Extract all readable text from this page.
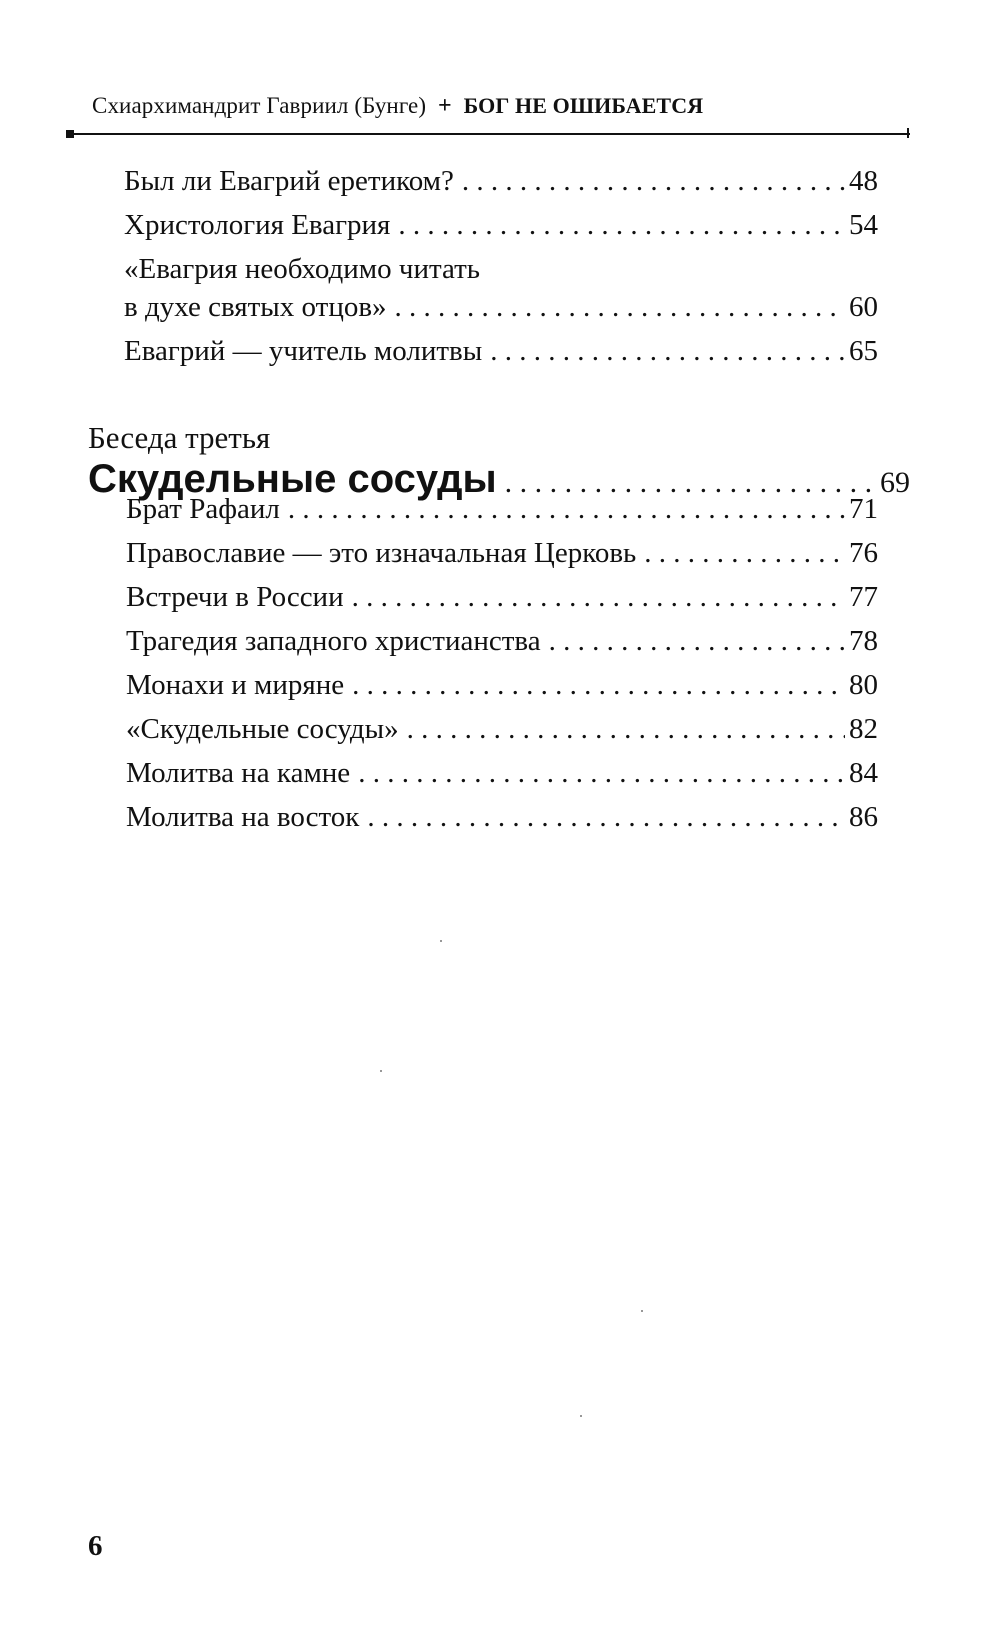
Схиархимандрит Гавриил (Бунге) + БОГ НЕ ОШИБАЕТСЯ
Был ли Евагрий еретиком? . . .	48
Христология Евагрия . . .	54
«Евагрия необходимо читать
в духе святых отцов» . . .	60
Евагрий — учитель молитвы . . .	65
Беседа третья
Скудельные сосуды . . .	69
Брат Рафаил . . .	71
Православие — это изначальная Церковь . . .	76
Встречи в России . . .	77
Трагедия западного христианства . . .	78
Монахи и миряне . . .	80
«Скудельные сосуды» . . .	82
Молитва на камне . . .	84
Молитва на восток . . .	86
6
